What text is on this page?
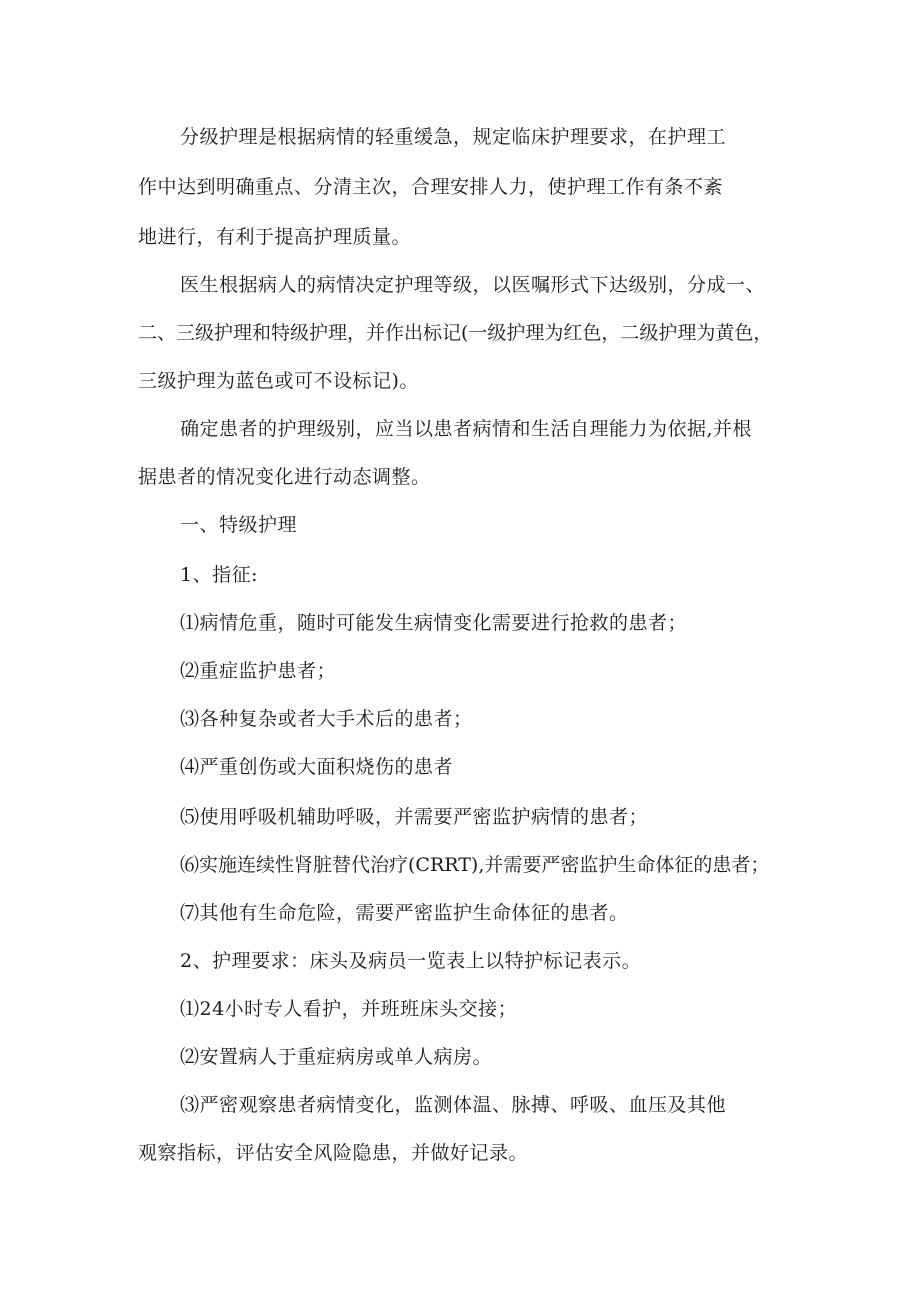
分级护理是根据病情的轻重缓急，规定临床护理要求，在护理工

作中达到明确重点、分清主次，合理安排人力，使护理工作有条不紊

地进行，有利于提高护理质量。

医生根据病人的病情决定护理等级，以医嘱形式下达级别，分成一、

二、三级护理和特级护理，并作出标记(一级护理为红色，二级护理为黄色，

三级护理为蓝色或可不设标记)。

确定患者的护理级别，应当以患者病情和生活自理能力为依据,并根

据患者的情况变化进行动态调整。

一、特级护理

1、指征:

⑴病情危重，随时可能发生病情变化需要进行抢救的患者；

⑵重症监护患者；

⑶各种复杂或者大手术后的患者；

⑷严重创伤或大面积烧伤的患者

⑸使用呼吸机辅助呼吸，并需要严密监护病情的患者；

⑹实施连续性肾脏替代治疗(CRRT),并需要严密监护生命体征的患者；

⑺其他有生命危险，需要严密监护生命体征的患者。

2、护理要求：床头及病员一览表上以特护标记表示。

⑴24小时专人看护，并班班床头交接；

⑵安置病人于重症病房或单人病房。

⑶严密观察患者病情变化，监测体温、脉搏、呼吸、血压及其他

观察指标，评估安全风险隐患，并做好记录。
